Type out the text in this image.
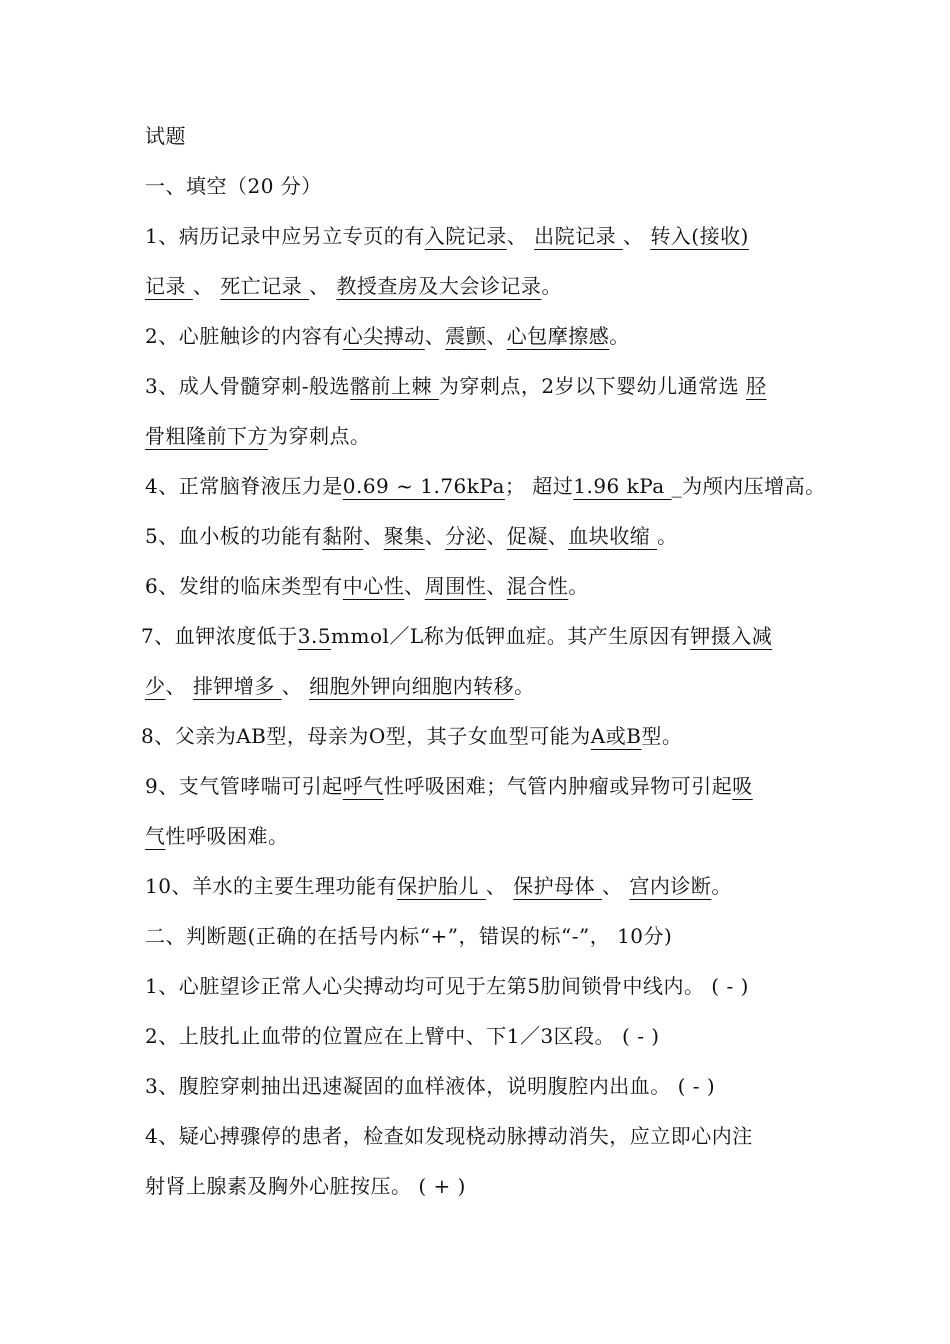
试题
一、填空（20 分）
1、病历记录中应另立专页的有入院记录、 出院记录 、 转入(接收)
记录 、 死亡记录 、 教授查房及大会诊记录。
2、心脏触诊的内容有心尖搏动、震颤、心包摩擦感。
3、成人骨髓穿刺-般选髂前上棘 为穿刺点，2岁以下婴幼儿通常选 胫
骨粗隆前下方为穿刺点。
4、正常脑脊液压力是0.69 ~ 1.76kPa； 超过1.96 kPa _为颅内压增高。
5、血小板的功能有黏附、聚集、分泌、促凝、血块收缩 。
6、发绀的临床类型有中心性、周围性、混合性。
7、血钾浓度低于3.5mmol／L称为低钾血症。其产生原因有钾摄入减
少、 排钾增多 、 细胞外钾向细胞内转移。
8、父亲为AB型，母亲为O型，其子女血型可能为A或B型。
9、支气管哮喘可引起呼气性呼吸困难；气管内肿瘤或异物可引起吸
气性呼吸困难。
10、羊水的主要生理功能有保护胎儿 、 保护母体 、 宫内诊断。
二、判断题(正确的在括号内标“+”，错误的标“-”， 10分)
1、心脏望诊正常人心尖搏动均可见于左第5肋间锁骨中线内。 ( - )
2、上肢扎止血带的位置应在上臂中、下1／3区段。 ( - )
3、腹腔穿刺抽出迅速凝固的血样液体，说明腹腔内出血。 ( - )
4、疑心搏骤停的患者，检查如发现桡动脉搏动消失，应立即心内注
射肾上腺素及胸外心脏按压。 ( + )
